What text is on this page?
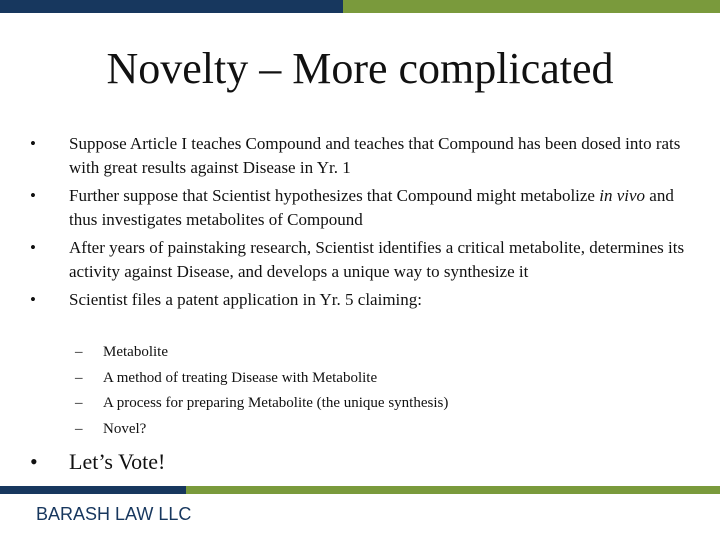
Novelty – More complicated
•	Suppose Article I teaches Compound and teaches that Compound has been dosed into rats with great results against Disease in Yr. 1
•	Further suppose that Scientist hypothesizes that Compound might metabolize in vivo and thus investigates metabolites of Compound
•	After years of painstaking research, Scientist identifies a critical metabolite, determines its activity against Disease, and develops a unique way to synthesize it
•	Scientist files a patent application in Yr. 5 claiming:
– Metabolite
– A method of treating Disease with Metabolite
– A process for preparing Metabolite (the unique synthesis)
– Novel?
• Let’s Vote!
BARASH LAW LLC
